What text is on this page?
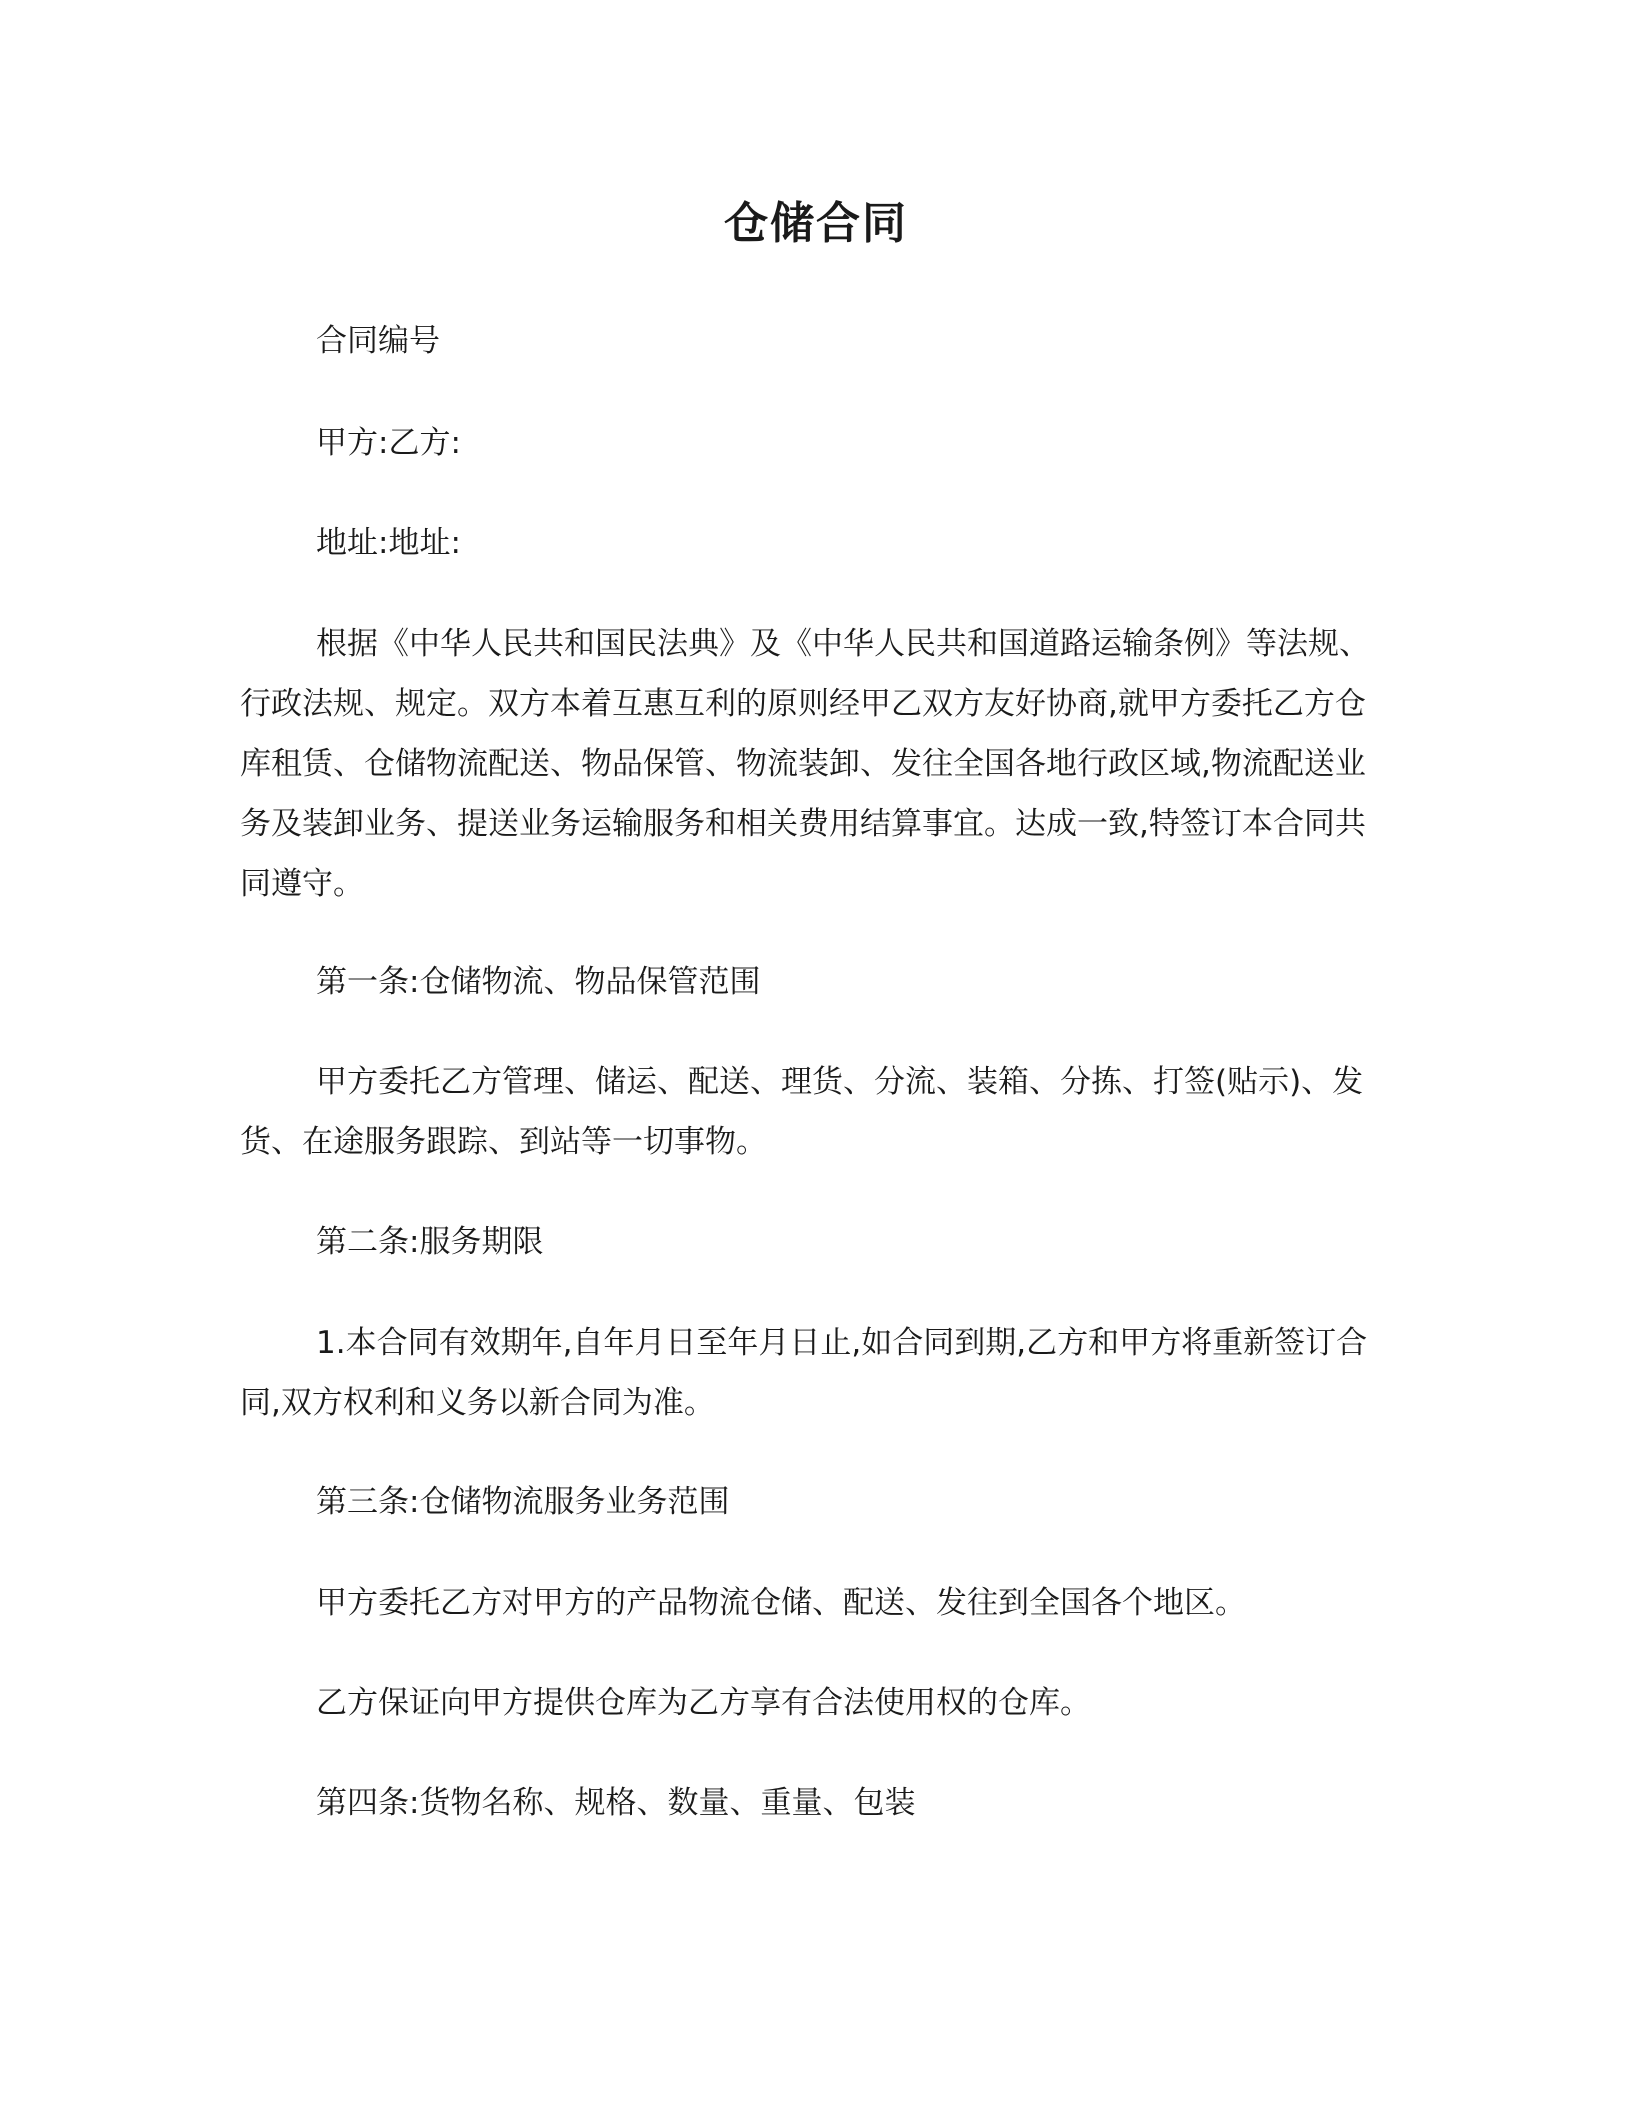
仓储合同

合同编号

甲方:乙方:

地址:地址:

根据《中华人民共和国民法典》及《中华人民共和国道路运输条例》等法规、行政法规、规定。双方本着互惠互利的原则经甲乙双方友好协商,就甲方委托乙方仓库租赁、仓储物流配送、物品保管、物流装卸、发往全国各地行政区域,物流配送业务及装卸业务、提送业务运输服务和相关费用结算事宜。达成一致,特签订本合同共同遵守。

第一条:仓储物流、物品保管范围

甲方委托乙方管理、储运、配送、理货、分流、装箱、分拣、打签(贴示)、发货、在途服务跟踪、到站等一切事物。

第二条:服务期限

1.本合同有效期年,自年月日至年月日止,如合同到期,乙方和甲方将重新签订合同,双方权利和义务以新合同为准。

第三条:仓储物流服务业务范围

甲方委托乙方对甲方的产品物流仓储、配送、发往到全国各个地区。

乙方保证向甲方提供仓库为乙方享有合法使用权的仓库。

第四条:货物名称、规格、数量、重量、包装
